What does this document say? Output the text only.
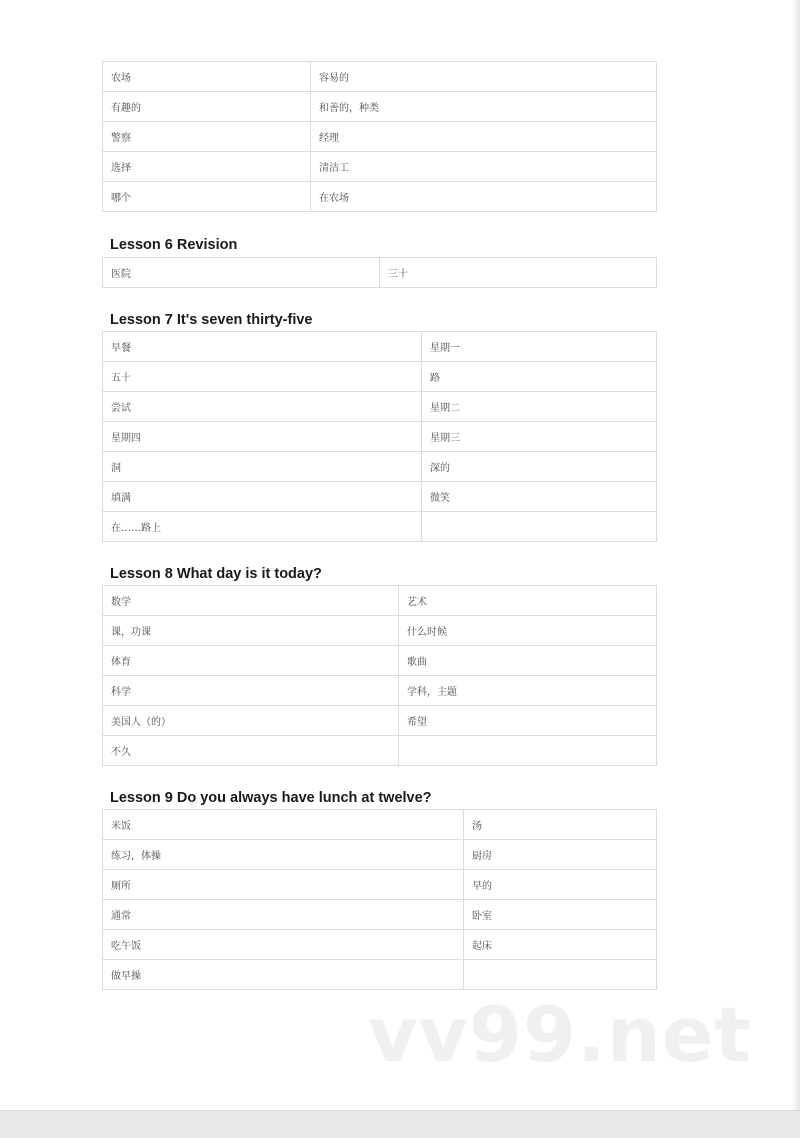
农场	容易的
有趣的	和善的，种类
警察	经理
选择	清洁工
哪个	在农场
Lesson 6 Revision
医院	三十
Lesson 7 It's seven thirty-five
早餐	星期一
五十	路
尝试	星期二
星期四	星期三
洞	深的
填满	微笑
在……路上	
Lesson 8 What day is it today?
数学	艺术
课，功课	什么时候
体育	歌曲
科学	学科，主题
美国人（的）	希望
不久	
Lesson 9 Do you always have lunch at twelve?
米饭	汤
练习，体操	厨房
厕所	早的
通常	卧室
吃午饭	起床
做早操	
vv99.net
